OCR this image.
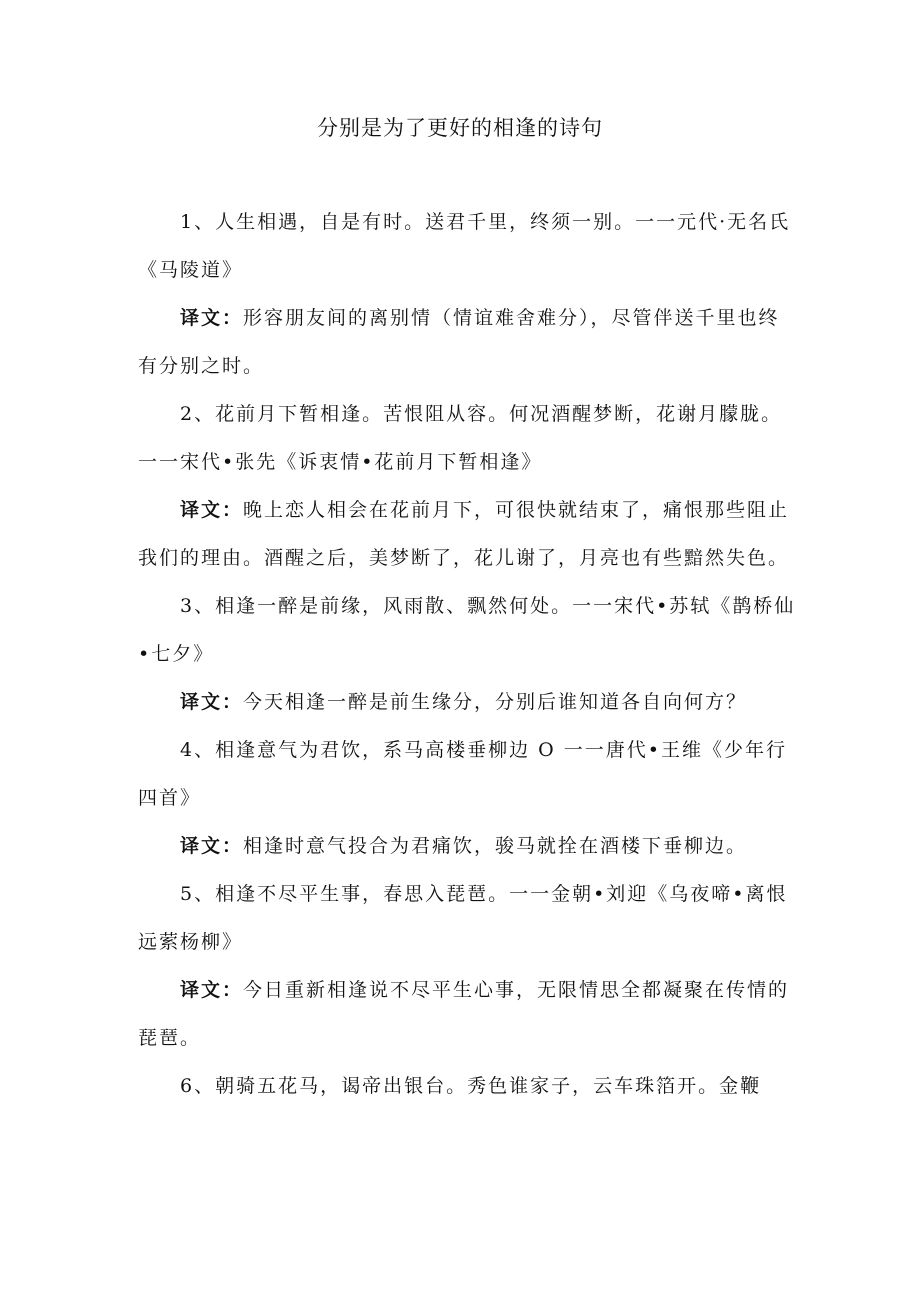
分别是为了更好的相逢的诗句

1、人生相遇，自是有时。送君千里，终须一别。一一元代·无名氏《马陵道》

译文：形容朋友间的离别情（情谊难舍难分），尽管伴送千里也终有分别之时。

2、花前月下暂相逢。苦恨阻从容。何况酒醒梦断，花谢月朦胧。一一宋代•张先《诉衷情•花前月下暂相逢》

译文：晚上恋人相会在花前月下，可很快就结束了，痛恨那些阻止我们的理由。酒醒之后，美梦断了，花儿谢了，月亮也有些黯然失色。

3、相逢一醉是前缘，风雨散、飘然何处。一一宋代•苏轼《鹊桥仙•七夕》

译文：今天相逢一醉是前生缘分，分别后谁知道各自向何方？

4、相逢意气为君饮，系马高楼垂柳边 O 一一唐代•王维《少年行四首》

译文：相逢时意气投合为君痛饮，骏马就拴在酒楼下垂柳边。

5、相逢不尽平生事，春思入琵琶。一一金朝•刘迎《乌夜啼•离恨远萦杨柳》

译文：今日重新相逢说不尽平生心事，无限情思全都凝聚在传情的琵琶。

6、朝骑五花马，谒帝出银台。秀色谁家子，云车珠箔开。金鞭
